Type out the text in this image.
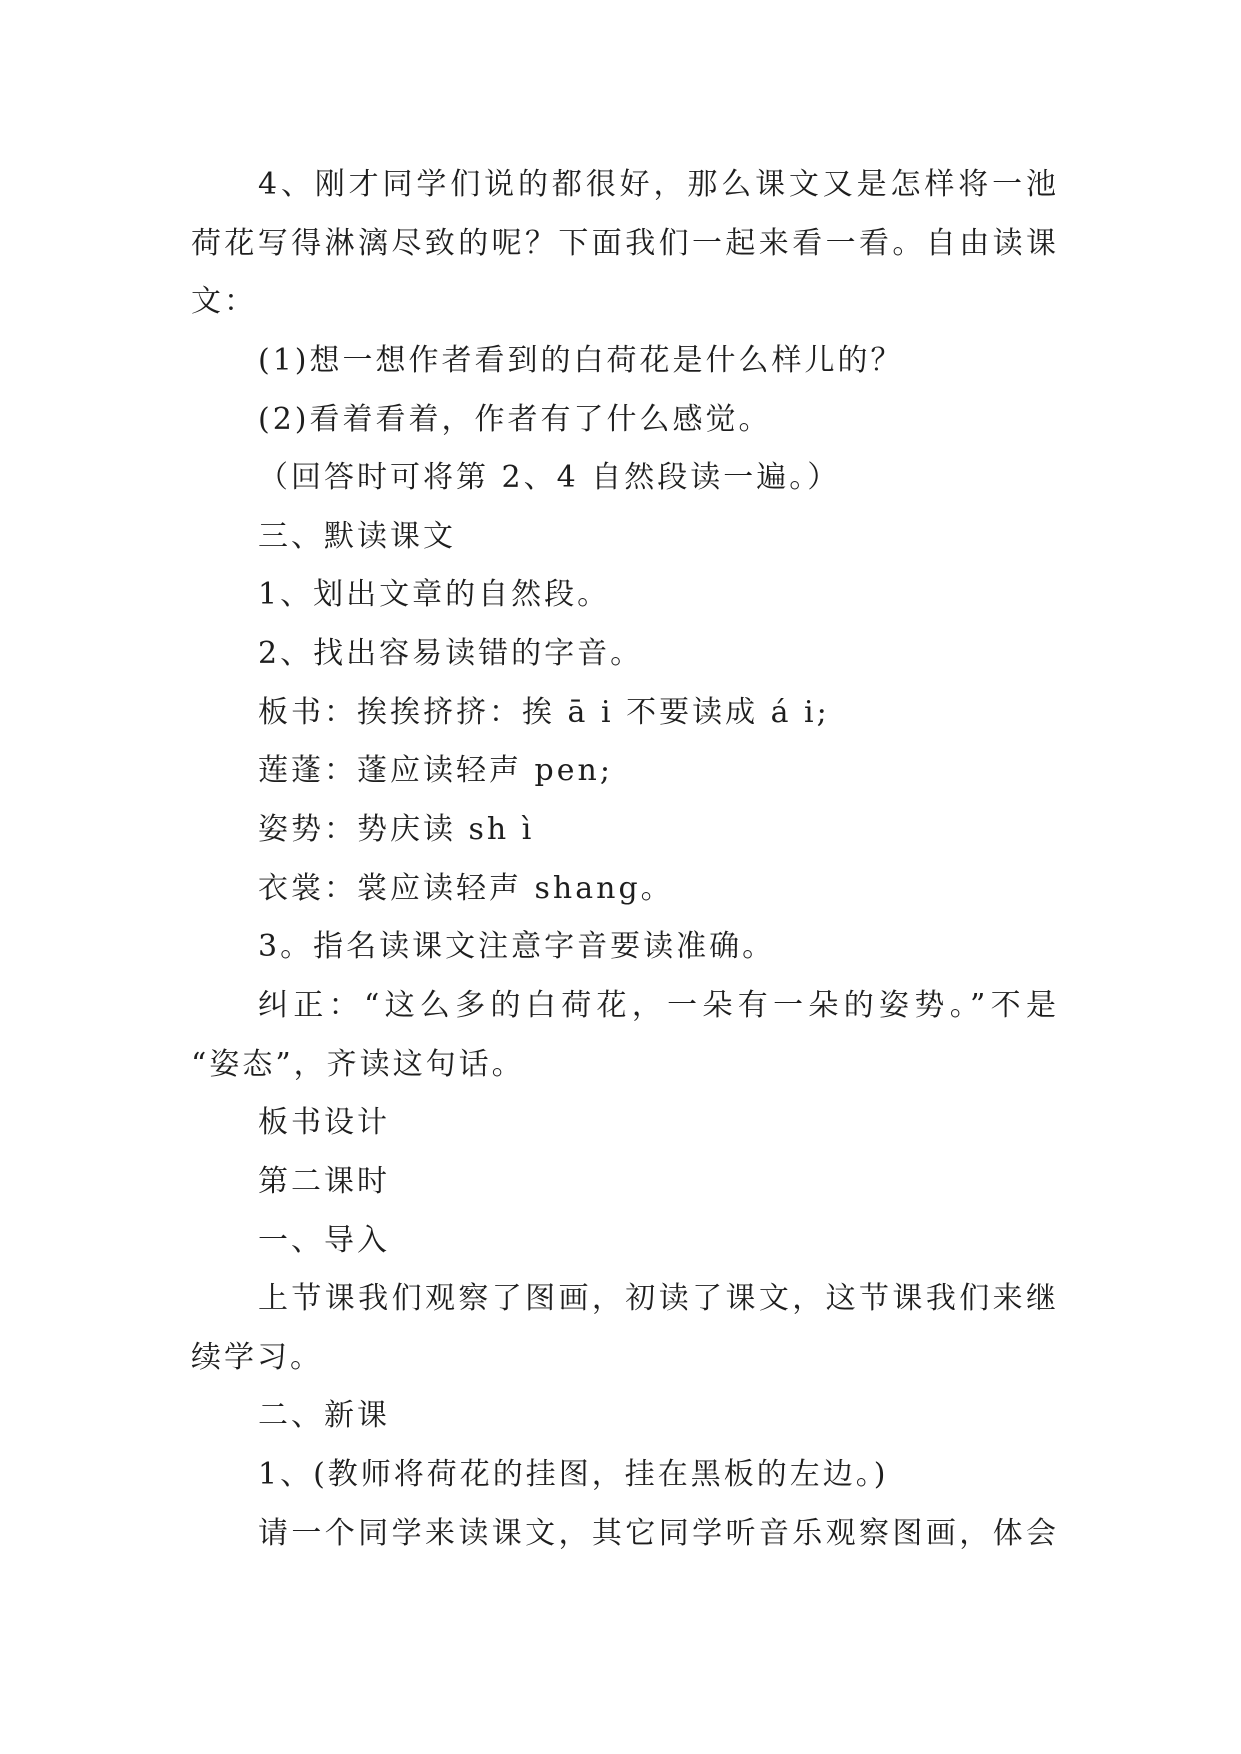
4、刚才同学们说的都很好，那么课文又是怎样将一池
荷花写得淋漓尽致的呢？下面我们一起来看一看。自由读课
文：
(1)想一想作者看到的白荷花是什么样儿的？
(2)看着看着，作者有了什么感觉。
（回答时可将第 2、4 自然段读一遍。）
三、默读课文
1、划出文章的自然段。
2、找出容易读错的字音。
板书：挨挨挤挤：挨 ā i 不要读成 á i;
莲蓬：蓬应读轻声 pen;
姿势：势庆读 sh ì
衣裳：裳应读轻声 shang。
3。指名读课文注意字音要读准确。
纠正：“这么多的白荷花，一朵有一朵的姿势。”不是
“姿态”，齐读这句话。
板书设计
第二课时
一、导入
上节课我们观察了图画，初读了课文，这节课我们来继
续学习。
二、新课
1、(教师将荷花的挂图，挂在黑板的左边。)
请一个同学来读课文，其它同学听音乐观察图画，体会
